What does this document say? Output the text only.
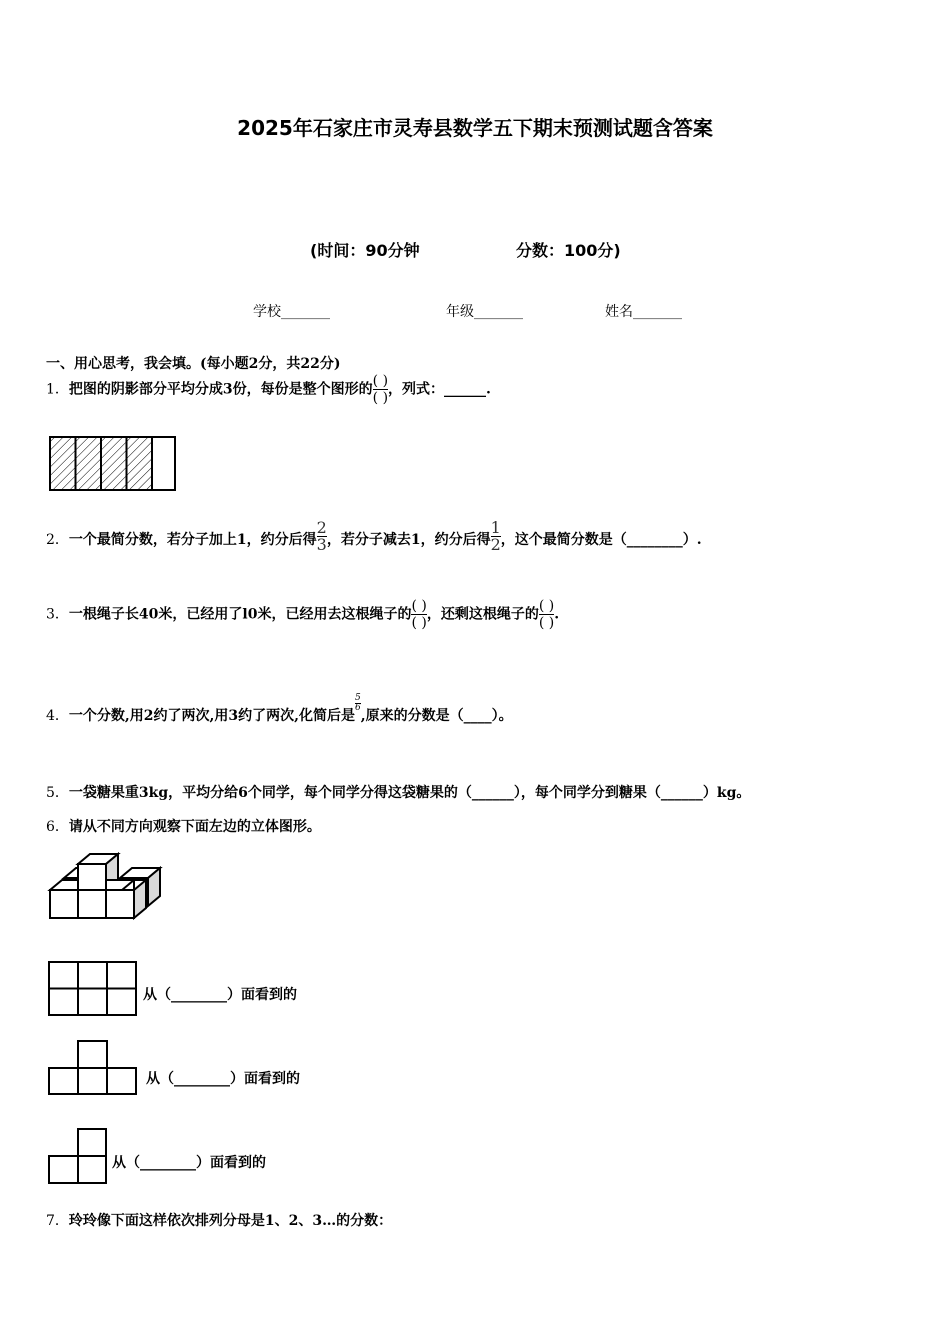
2025年石家庄市灵寿县数学五下期末预测试题含答案
(时间：90分钟	分数：100分)
学校_______	年级_______	姓名_______
一、用心思考，我会填。(每小题2分，共22分)
1．把图的阴影部分平均分成3份，每份是整个图形的 $\frac{( )}{( )}$ ，列式：______.
2．一个最简分数，若分子加上1，约分后得 $\frac{2}{3}$ ，若分子减去1，约分后得 $\frac{1}{2}$ ，这个最简分数是（________）.
3．一根绳子长40米，已经用了l0米，已经用去这根绳子的 $\frac{( )}{( )}$ ，还剩这根绳子的 $\frac{( )}{( )}$ .
4．一个分数,用2约了两次,用3约了两次,化简后是
$\frac{5}{6}$
,原来的分数是（____）。
5．一袋糖果重3kg，平均分给6个同学，每个同学分得这袋糖果的（______），每个同学分到糖果（______）kg。
6．请从不同方向观察下面左边的立体图形。
从（________）面看到的
从（________）面看到的
从（________）面看到的
7．玲玲像下面这样依次排列分母是1、2、3…的分数：
